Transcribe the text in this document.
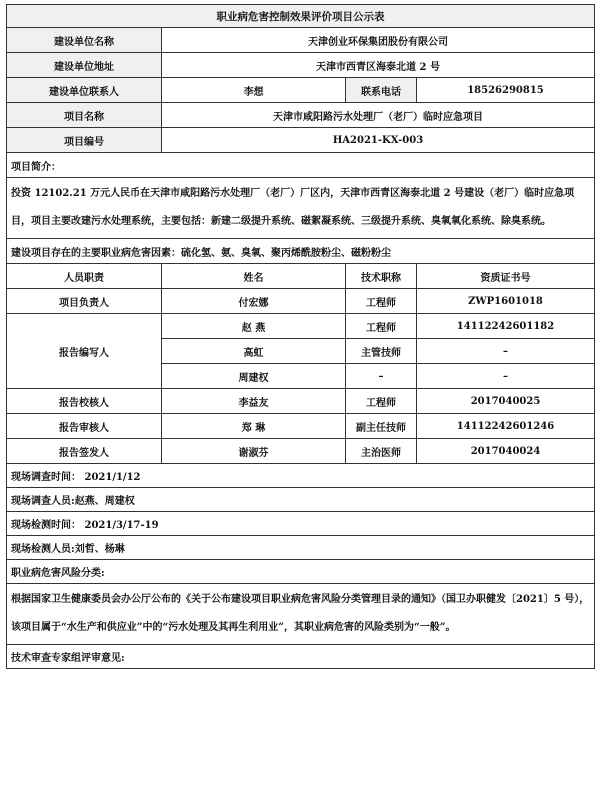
职业病危害控制效果评价项目公示表			
建设单位名称	天津创业环保集团股份有限公司		
建设单位地址	天津市西青区海泰北道 2 号		
建设单位联系人	李想	联系电话	18526290815
项目名称	天津市咸阳路污水处理厂（老厂）临时应急项目		
项目编号	HA2021-KX-003		
项目简介：			
投资 12102.21 万元人民币在天津市咸阳路污水处理厂（老厂）厂区内，天津市西青区海泰北道 2 号建设（老厂）临时应急项目，项目主要改建污水处理系统，主要包括：新建二级提升系统、磁絮凝系统、三级提升系统、臭氧氧化系统、除臭系统。			
建设项目存在的主要职业病危害因素：硫化氢、氨、臭氧、聚丙烯酰胺粉尘、磁粉粉尘			
人员职责	姓名	技术职称	资质证书号
项目负责人	付宏娜	工程师	ZWP1601018
报告编写人	赵 燕	工程师	14112242601182
	高虹	主管技师	–
	周建权	–	–
报告校核人	李益友	工程师	2017040025
报告审核人	郑 琳	副主任技师	14112242601246
报告签发人	谢淑芬	主治医师	2017040024
现场调查时间： 2021/1/12			
现场调查人员:赵燕、周建权			
现场检测时间： 2021/3/17-19			
现场检测人员:刘哲、杨琳			
职业病危害风险分类:			
根据国家卫生健康委员会办公厅公布的《关于公布建设项目职业病危害风险分类管理目录的通知》（国卫办职健发〔2021〕5 号），该项目属于“水生产和供应业”中的“污水处理及其再生利用业”，其职业病危害的风险类别为“一般”。			
技术审查专家组评审意见:			
